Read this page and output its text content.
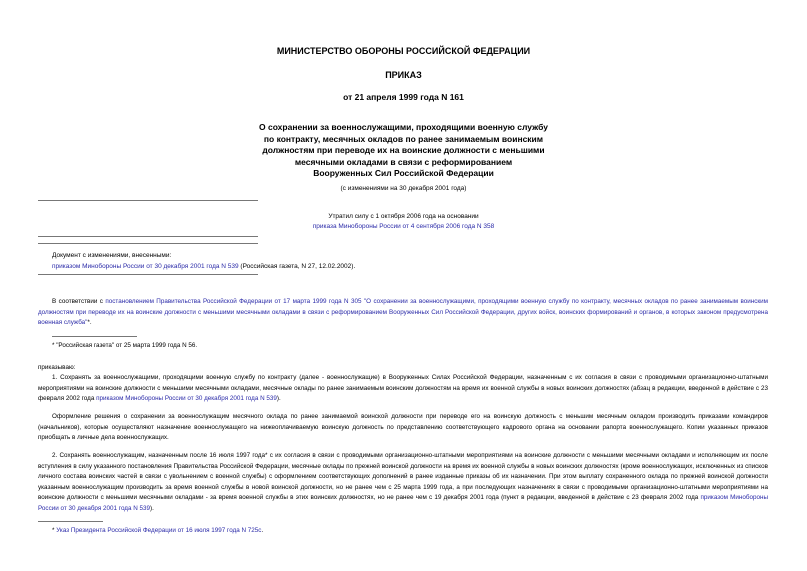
МИНИСТЕРСТВО ОБОРОНЫ РОССИЙСКОЙ ФЕДЕРАЦИИ
ПРИКАЗ
от 21 апреля 1999 года N 161
О сохранении за военнослужащими, проходящими военную службу
по контракту, месячных окладов по ранее занимаемым воинским
должностям при переводе их на воинские должности с меньшими
месячными окладами в связи с реформированием
Вооруженных Сил Российской Федерации
(с изменениями на 30 декабря 2001 года)
Утратил силу с 1 октября 2006 года на основании
приказа Минобороны России от 4 сентября 2006 года N 358
Документ с изменениями, внесенными:
приказом Минобороны России от 30 декабря 2001 года N 539 (Российская газета, N 27, 12.02.2002).
В соответствии с постановлением Правительства Российской Федерации от 17 марта 1999 года N 305 "О сохранении за военнослужащими, проходящими военную службу по контракту, месячных окладов по ранее занимаемым воинским должностям при переводе их на воинские должности с меньшими месячными окладами в связи с реформированием Вооруженных Сил Российской Федерации, других войск, воинских формирований и органов, в которых законом предусмотрена военная служба"*.
* "Российская газета" от 25 марта 1999 года N 56.
приказываю:
1. Сохранять за военнослужащими, проходящими военную службу по контракту (далее - военнослужащие) в Вооруженных Силах Российской Федерации, назначенным с их согласия в связи с проводимыми организационно-штатными мероприятиями на воинские должности с меньшими месячными окладами, месячные оклады по ранее занимаемым воинским должностям на время их военной службы в новых воинских должностях (абзац в редакции, введенной в действие с 23 февраля 2002 года приказом Минобороны России от 30 декабря 2001 года N 539).
Оформление решения о сохранении за военнослужащим месячного оклада по ранее занимаемой воинской должности при переводе его на воинскую должность с меньшим месячным окладом производить приказами командиров (начальников), которые осуществляют назначение военнослужащего на нижеоплачиваемую воинскую должность по представлению соответствующего кадрового органа на основании рапорта военнослужащего. Копии указанных приказов приобщать в личные дела военнослужащих.
2. Сохранять военнослужащим, назначенным после 16 июля 1997 года* с их согласия в связи с проводимыми организационно-штатными мероприятиями на воинские должности с меньшими месячными окладами и исполняющим их после вступления в силу указанного постановления Правительства Российской Федерации, месячные оклады по прежней воинской должности на время их военной службы в новых воинских должностях (кроме военнослужащих, исключенных из списков личного состава воинских частей в связи с увольнением с военной службы) с оформлением соответствующих дополнений в ранее изданные приказы об их назначении. При этом выплату сохраненного оклада по прежней воинской должности указанным военнослужащим производить за время военной службы в новой воинской должности, но не ранее чем с 25 марта 1999 года, а при последующих назначениях в связи с проводимыми организационно-штатными мероприятиями на воинские должности с меньшими месячными окладами - за время военной службы в этих воинских должностях, но не ранее чем с 19 декабря 2001 года (пункт в редакции, введенной в действие с 23 февраля 2002 года приказом Минобороны России от 30 декабря 2001 года N 539).
* Указ Президента Российской Федерации от 16 июля 1997 года N 725с.
